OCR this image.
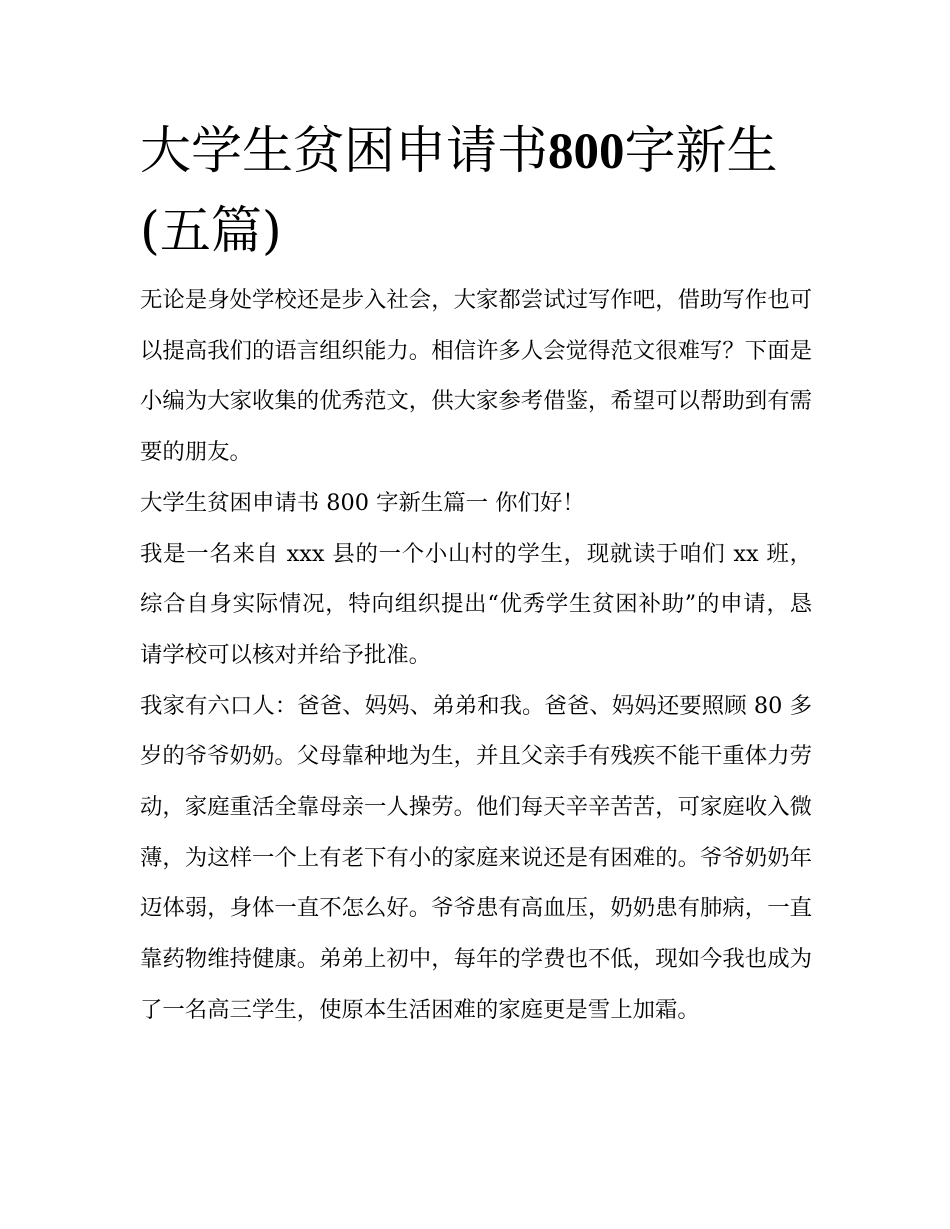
大学生贫困申请书800字新生(五篇)

无论是身处学校还是步入社会，大家都尝试过写作吧，借助写作也可以提高我们的语言组织能力。相信许多人会觉得范文很难写？下面是小编为大家收集的优秀范文，供大家参考借鉴，希望可以帮助到有需要的朋友。

大学生贫困申请书 800 字新生篇一 你们好！

我是一名来自 xxx 县的一个小山村的学生，现就读于咱们 xx 班，综合自身实际情况，特向组织提出“优秀学生贫困补助”的申请，恳请学校可以核对并给予批准。

我家有六口人：爸爸、妈妈、弟弟和我。爸爸、妈妈还要照顾 80 多岁的爷爷奶奶。父母靠种地为生，并且父亲手有残疾不能干重体力劳动，家庭重活全靠母亲一人操劳。他们每天辛辛苦苦，可家庭收入微薄，为这样一个上有老下有小的家庭来说还是有困难的。爷爷奶奶年迈体弱，身体一直不怎么好。爷爷患有高血压，奶奶患有肺病，一直靠药物维持健康。弟弟上初中，每年的学费也不低，现如今我也成为了一名高三学生，使原本生活困难的家庭更是雪上加霜。
